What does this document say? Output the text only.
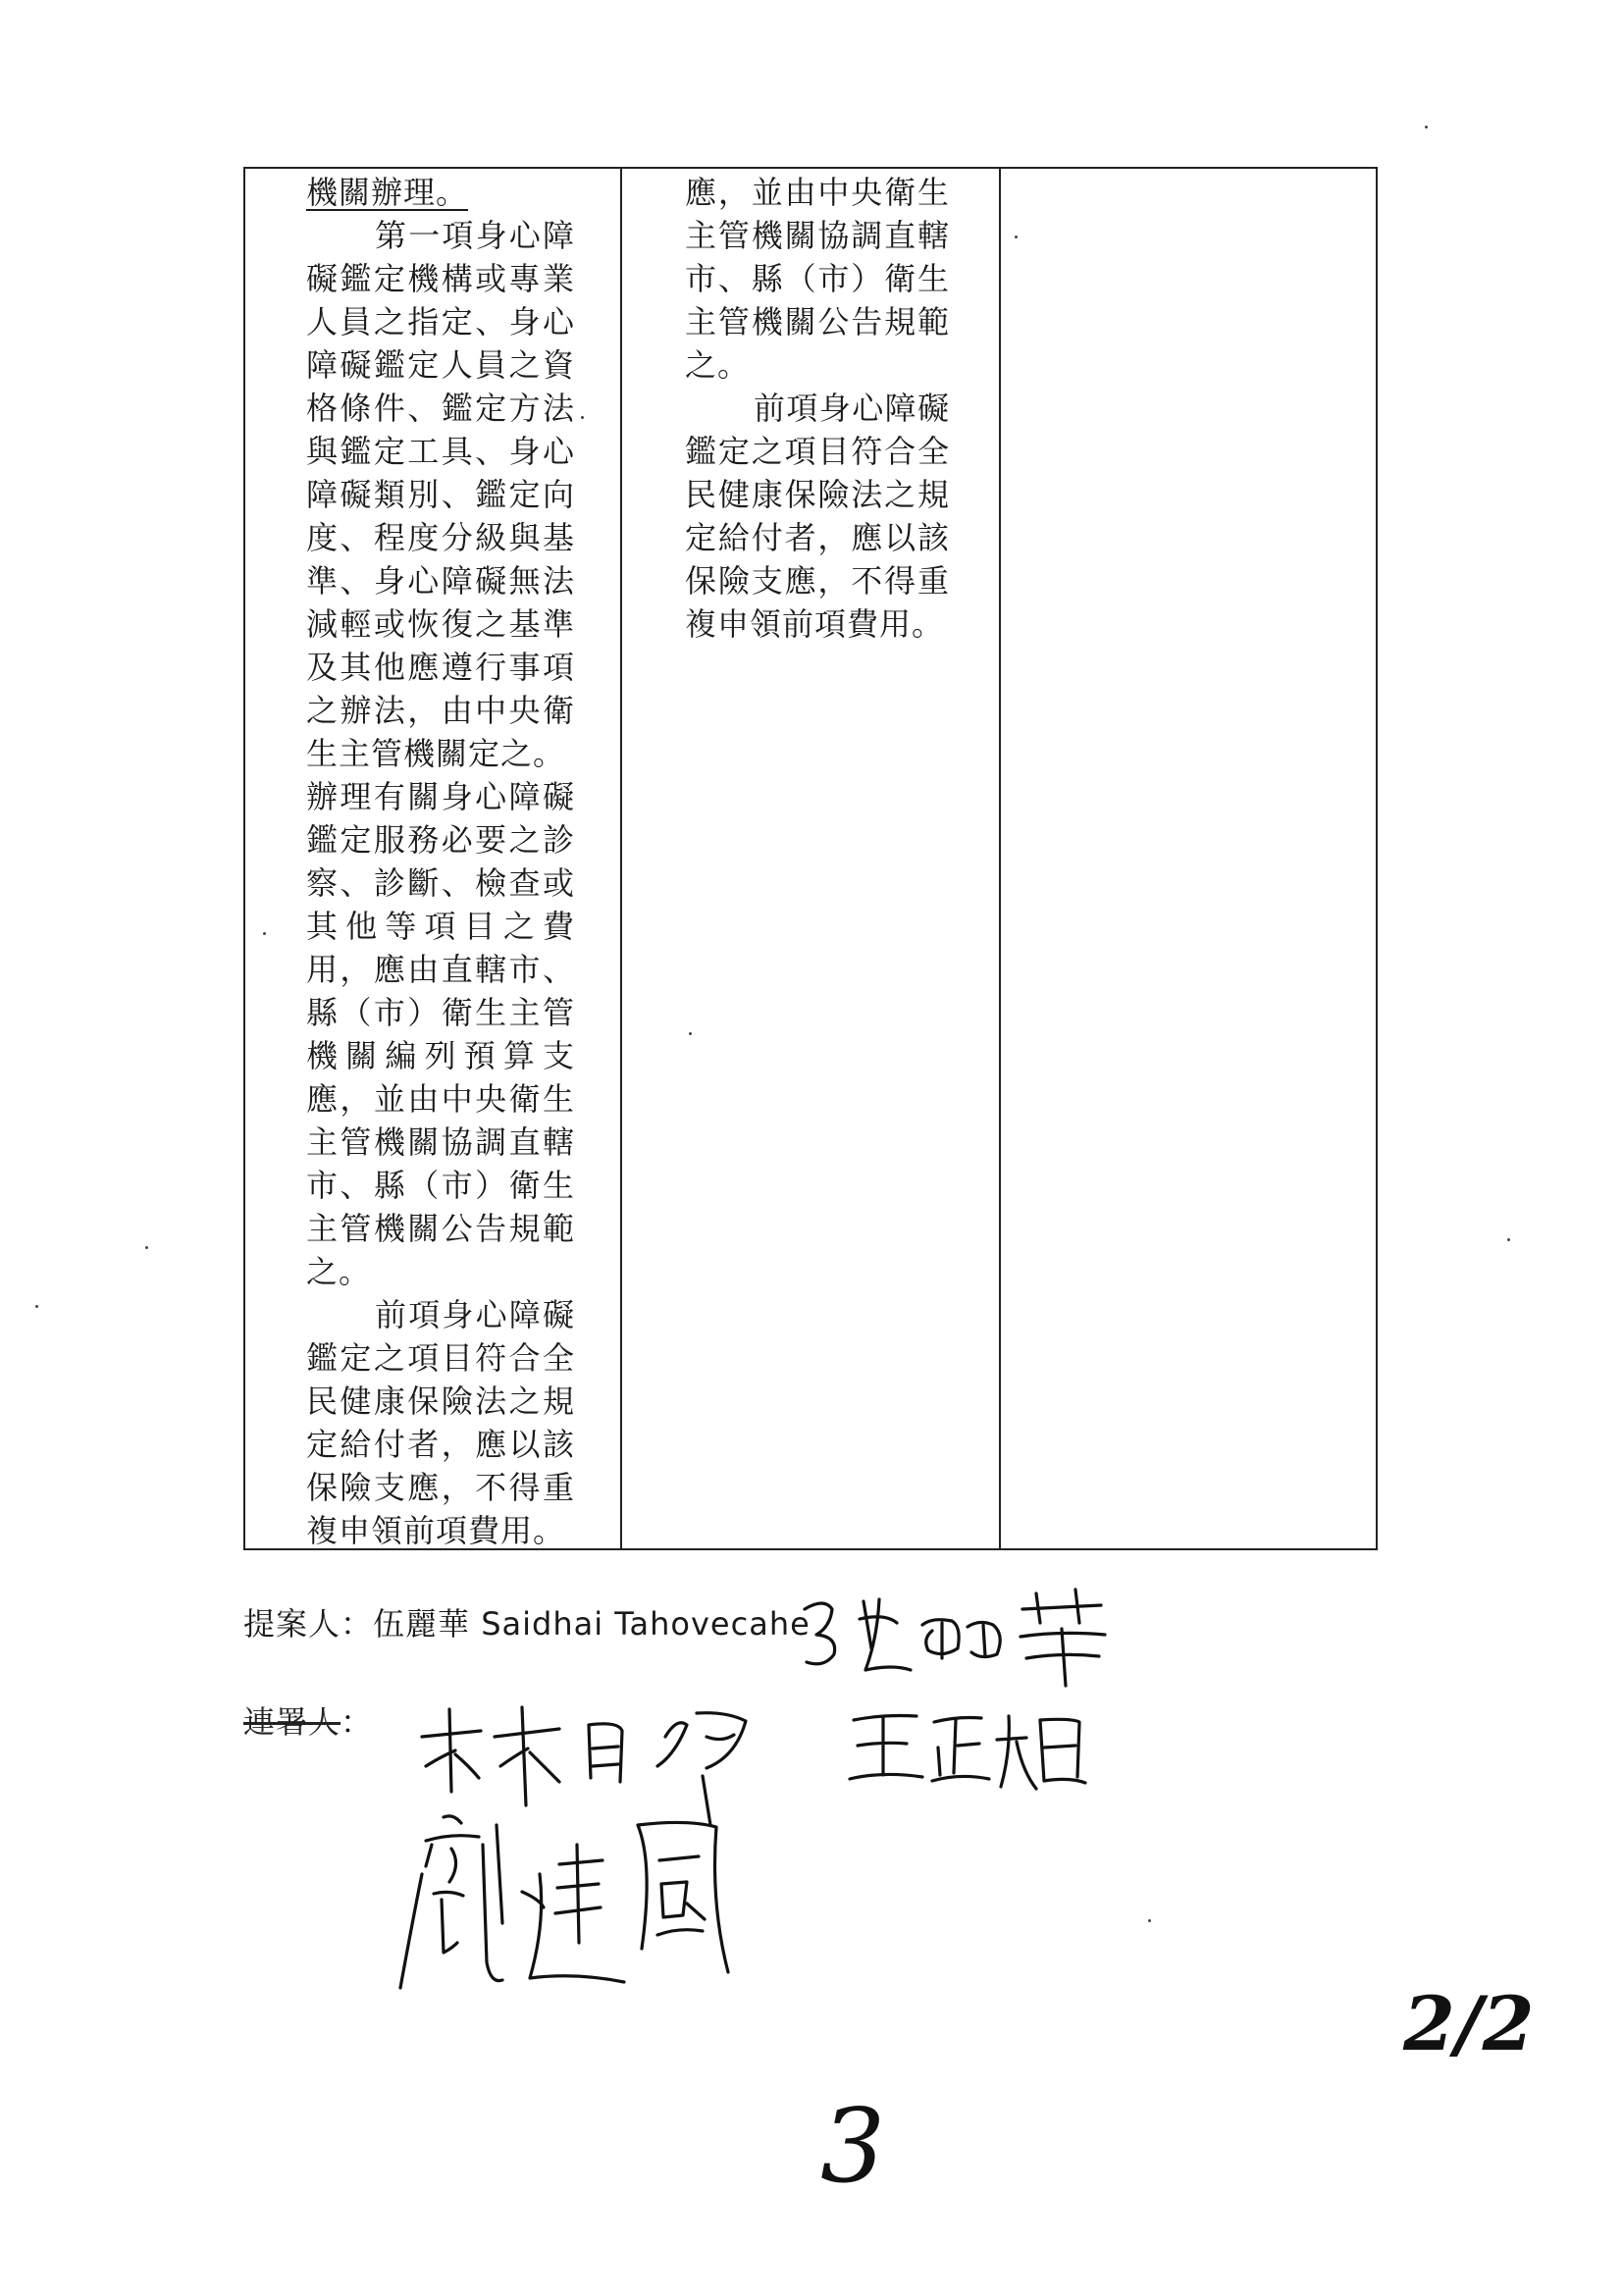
機關辦理。

第一項身心障礙鑑定機構或專業人員之指定、身心障礙鑑定人員之資格條件、鑑定方法與鑑定工具、身心障礙類別、鑑定向度、程度分級與基準、身心障礙無法減輕或恢復之基準及其他應遵行事項之辦法，由中央衛生主管機關定之。

辦理有關身心障礙鑑定服務必要之診察、診斷、檢查或其他等項目之費用，應由直轄市、縣（市）衛生主管機關編列預算支應，並由中央衛生主管機關協調直轄市、縣（市）衛生主管機關公告規範之。

前項身心障礙鑑定之項目符合全民健康保險法之規定給付者，應以該保險支應，不得重複申領前項費用。

應，並由中央衛生主管機關協調直轄市、縣（市）衛生主管機關公告規範之。

前項身心障礙鑑定之項目符合全民健康保險法之規定給付者，應以該保險支應，不得重複申領前項費用。

提案人：伍麗華 Saidhai Tahovecahe
連署人：
3
2/2
